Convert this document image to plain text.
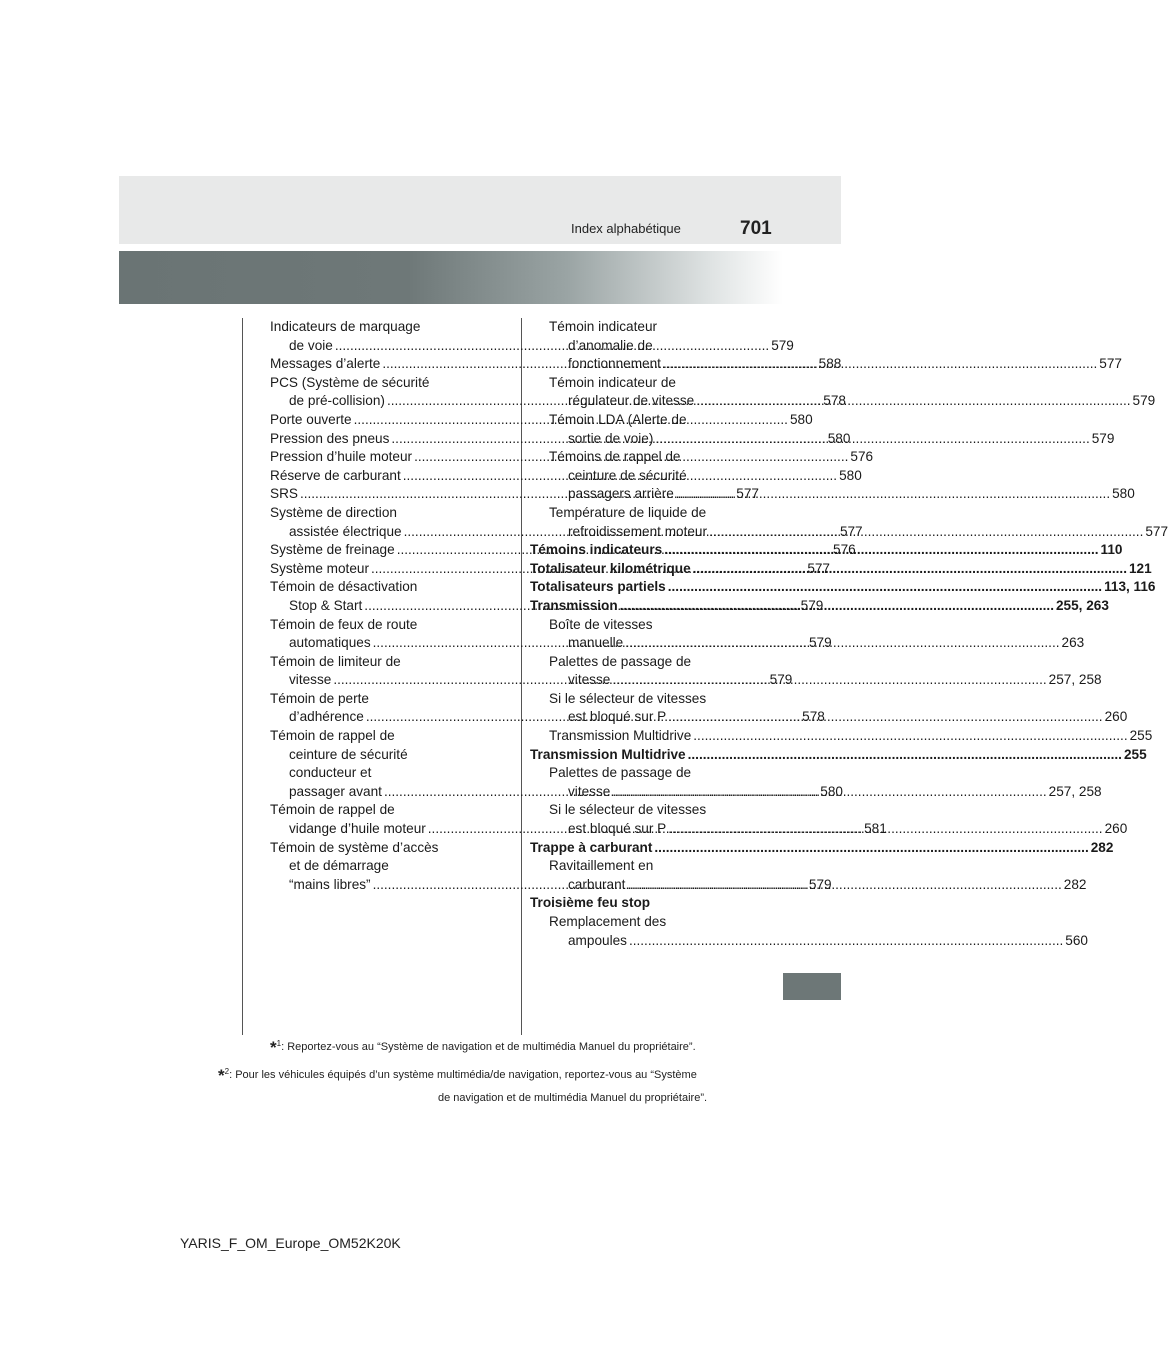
Index alphabétique	701
Indicateurs de marquage
de voie .....	579
Messages d’alerte .....	588
PCS (Système de sécurité
de pré-collision) .....	578
Porte ouverte .....	580
Pression des pneus .....	580
Pression d’huile moteur .....	576
Réserve de carburant .....	580
SRS .....	577
Système de direction
assistée électrique .....	577
Système de freinage .....	576
Système moteur .....	577
Témoin de désactivation
Stop & Start .....	579
Témoin de feux de route
automatiques .....	579
Témoin de limiteur de
vitesse .....	579
Témoin de perte
d’adhérence .....	578
Témoin de rappel de
ceinture de sécurité
conducteur et
passager avant .....	580
Témoin de rappel de
vidange d’huile moteur .....	581
Témoin de système d’accès
et de démarrage
“mains libres” .....	579
Témoin indicateur
d’anomalie de
fonctionnement .....	577
Témoin indicateur de
régulateur de vitesse .....	579
Témoin LDA (Alerte de
sortie de voie) .....	579
Témoins de rappel de
ceinture de sécurité
passagers arrière .....	580
Température de liquide de
refroidissement moteur .....	577
Témoins indicateurs .....	110
Totalisateur kilométrique .....	121
Totalisateurs partiels .....	113, 116
Transmission .....	255, 263
Boîte de vitesses
manuelle .....	263
Palettes de passage de
vitesse .....	257, 258
Si le sélecteur de vitesses
est bloqué sur P .....	260
Transmission Multidrive .....	255
Transmission Multidrive .....	255
Palettes de passage de
vitesse .....	257, 258
Si le sélecteur de vitesses
est bloqué sur P .....	260
Trappe à carburant .....	282
Ravitaillement en
carburant .....	282
Troisième feu stop
Remplacement des
ampoules .....	560
*$^1$: Reportez-vous au “Système de navigation et de multimédia Manuel du propriétaire”.
*$^2$: Pour les véhicules équipés d’un système multimédia/de navigation, reportez-vous au “Système
de navigation et de multimédia Manuel du propriétaire”.
YARIS_F_OM_Europe_OM52K20K
